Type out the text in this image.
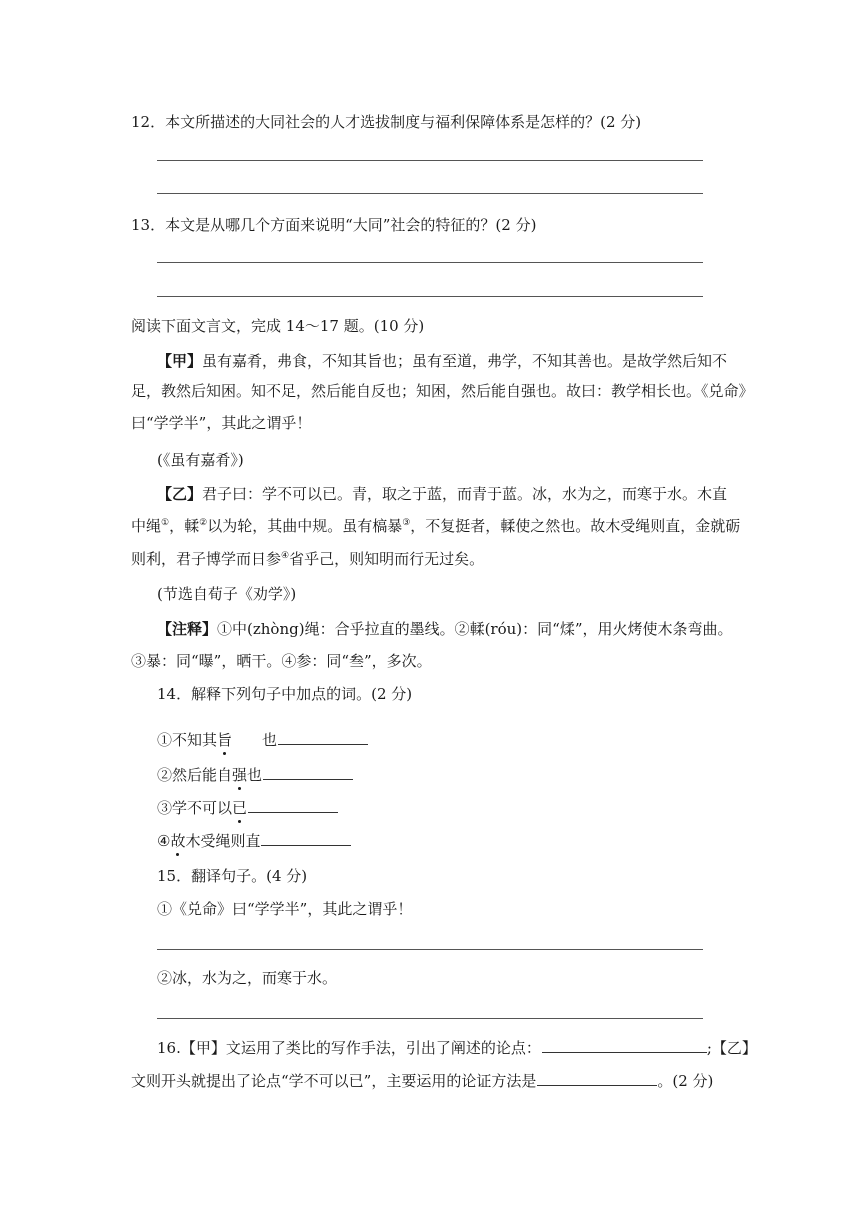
12．本文所描述的大同社会的人才选拔制度与福利保障体系是怎样的？(2 分)
13．本文是从哪几个方面来说明“大同”社会的特征的？(2 分)
阅读下面文言文，完成 14～17 题。(10 分)
【甲】虽有嘉肴，弗食，不知其旨也；虽有至道，弗学，不知其善也。是故学然后知不
足，教然后知困。知不足，然后能自反也；知困，然后能自强也。故曰：教学相长也。《兑命》
曰“学学半”，其此之谓乎！
(《虽有嘉肴》)
【乙】君子曰：学不可以已。青，取之于蓝，而青于蓝。冰，水为之，而寒于水。木直
中绳①，輮②以为轮，其曲中规。虽有槁暴③，不复挺者，輮使之然也。故木受绳则直，金就砺
则利，君子博学而日参④省乎己，则知明而行无过矣。
(节选自荀子《劝学》)
【注释】①中(zhòng)绳：合乎拉直的墨线。②輮(róu)：同“煣”，用火烤使木条弯曲。
③暴：同“曝”，晒干。④参：同“叁”，多次。
14．解释下列句子中加点的词。(2 分)
①不知其旨 也
②然后能自强也
③学不可以已
④故木受绳则直
15．翻译句子。(4 分)
①《兑命》曰“学学半”，其此之谓乎！
②冰，水为之，而寒于水。
16.【甲】文运用了类比的写作手法，引出了阐述的论点：	;【乙】
文则开头就提出了论点“学不可以已”，主要运用的论证方法是	。(2 分)
